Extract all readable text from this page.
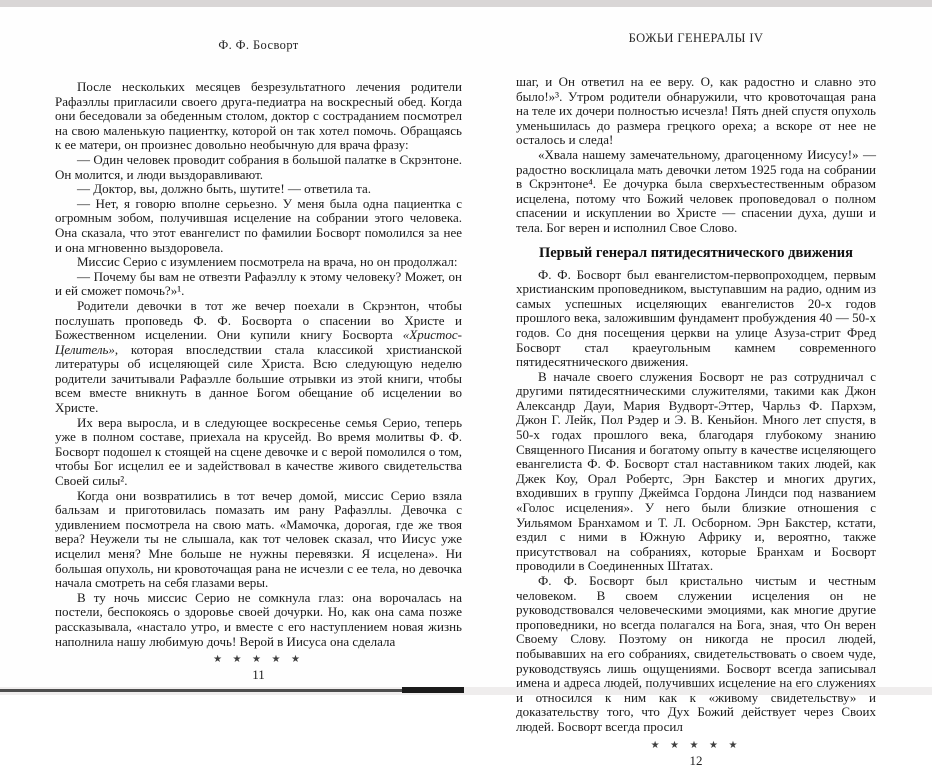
Ф. Ф. Босворт

После нескольких месяцев безрезультатного лечения родители Рафаэллы пригласили своего друга-педиатра на воскресный обед. Когда они беседовали за обеденным столом, доктор с состраданием посмотрел на свою маленькую пациентку, которой он так хотел помочь. Обращаясь к ее матери, он произнес довольно необычную для врача фразу:

— Один человек проводит собрания в большой палатке в Скрэнтоне. Он молится, и люди выздоравливают.

— Доктор, вы, должно быть, шутите! — ответила та.

— Нет, я говорю вполне серьезно. У меня была одна пациентка с огромным зобом, получившая исцеление на собрании этого человека. Она сказала, что этот евангелист по фамилии Босворт помолился за нее и она мгновенно выздоровела.

Миссис Серио с изумлением посмотрела на врача, но он продолжал:

— Почему бы вам не отвезти Рафаэллу к этому человеку? Может, он и ей сможет помочь?»¹.

Родители девочки в тот же вечер поехали в Скрэнтон, чтобы послушать проповедь Ф. Ф. Босворта о спасении во Христе и Божественном исцелении. Они купили книгу Босворта «Христос-Целитель», которая впоследствии стала классикой христианской литературы об исцеляющей силе Христа. Всю следующую неделю родители зачитывали Рафаэлле большие отрывки из этой книги, чтобы всем вместе вникнуть в данное Богом обещание об исцелении во Христе.

Их вера выросла, и в следующее воскресенье семья Серио, теперь уже в полном составе, приехала на крусейд. Во время молитвы Ф. Ф. Босворт подошел к стоящей на сцене девочке и с верой помолился о том, чтобы Бог исцелил ее и задействовал в качестве живого свидетельства Своей силы².

Когда они возвратились в тот вечер домой, миссис Серио взяла бальзам и приготовилась помазать им рану Рафаэллы. Девочка с удивлением посмотрела на свою мать. «Мамочка, дорогая, где же твоя вера? Неужели ты не слышала, как тот человек сказал, что Иисус уже исцелил меня? Мне больше не нужны перевязки. Я исцелена». Ни большая опухоль, ни кровоточащая рана не исчезли с ее тела, но девочка начала смотреть на себя глазами веры.

В ту ночь миссис Серио не сомкнула глаз: она ворочалась на постели, беспокоясь о здоровье своей дочурки. Но, как она сама позже рассказывала, «настало утро, и вместе с его наступлением новая жизнь наполнила нашу любимую дочь! Верой в Иисуса она сделала

★ ★ ★ ★ ★
11
БОЖЬИ ГЕНЕРАЛЫ IV

шаг, и Он ответил на ее веру. О, как радостно и славно это было!»³. Утром родители обнаружили, что кровоточащая рана на теле их дочери полностью исчезла! Пять дней спустя опухоль уменьшилась до размера грецкого ореха; а вскоре от нее не осталось и следа!

«Хвала нашему замечательному, драгоценному Иисусу!» — радостно восклицала мать девочки летом 1925 года на собрании в Скрэнтоне⁴. Ее дочурка была сверхъестественным образом исцелена, потому что Божий человек проповедовал о полном спасении и искуплении во Христе — спасении духа, души и тела. Бог верен и исполнил Свое Слово.

Первый генерал пятидесятнического движения

Ф. Ф. Босворт был евангелистом-первопроходцем, первым христианским проповедником, выступавшим на радио, одним из самых успешных исцеляющих евангелистов 20-х годов прошлого века, заложившим фундамент пробуждения 40 — 50-х годов. Со дня посещения церкви на улице Азуза-стрит Фред Босворт стал краеугольным камнем современного пятидесятнического движения.

В начале своего служения Босворт не раз сотрудничал с другими пятидесятническими служителями, такими как Джон Александр Дауи, Мария Вудворт-Эттер, Чарльз Ф. Пархэм, Джон Г. Лейк, Пол Рэдер и Э. В. Кеньйон. Много лет спустя, в 50-х годах прошлого века, благодаря глубокому знанию Священного Писания и богатому опыту в качестве исцеляющего евангелиста Ф. Ф. Босворт стал наставником таких людей, как Джек Коу, Орал Робертс, Эрн Бакстер и многих других, входивших в группу Джеймса Гордона Линдси под названием «Голос исцеления». У него были близкие отношения с Уильямом Бранхамом и Т. Л. Осборном. Эрн Бакстер, кстати, ездил с ними в Южную Африку и, вероятно, также присутствовал на собраниях, которые Бранхам и Босворт проводили в Соединенных Штатах.

Ф. Ф. Босворт был кристально чистым и честным человеком. В своем служении исцеления он не руководствовался человеческими эмоциями, как многие другие проповедники, но всегда полагался на Бога, зная, что Он верен Своему Слову. Поэтому он никогда не просил людей, побывавших на его собраниях, свидетельствовать о своем чуде, руководствуясь лишь ощущениями. Босворт всегда записывал имена и адреса людей, получивших исцеление на его служениях и относился к ним как к «живому свидетельству» и доказательству того, что Дух Божий действует через Своих людей. Босворт всегда просил

★ ★ ★ ★ ★
12
